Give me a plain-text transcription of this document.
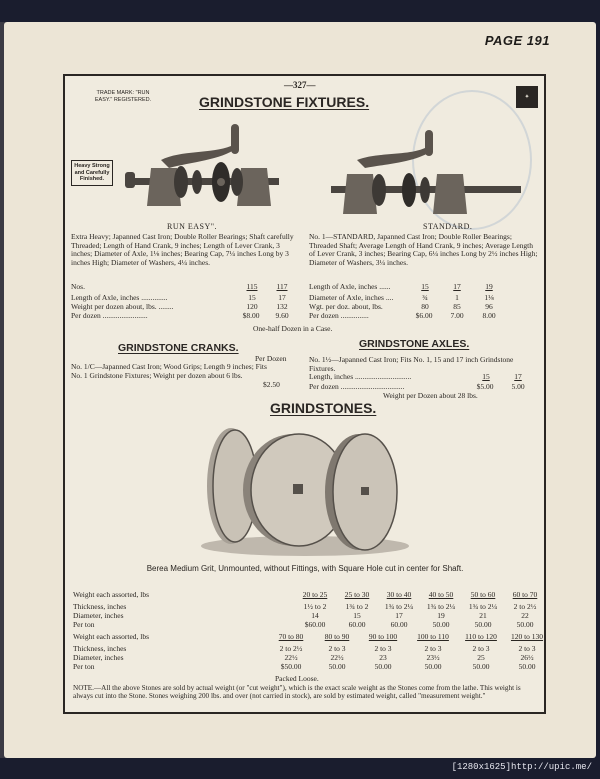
PAGE 191
✦
—327—
TRADE MARK: "RUN EASY." REGISTERED.	GRINDSTONE FIXTURES.
Heavy Strong and Carefully Finished.
RUN EASY".	STANDARD.
Extra Heavy; Japanned Cast Iron; Double Roller Bearings; Shaft carefully Threaded; Length of Hand Crank, 9 inches; Length of Lever Crank, 3 inches; Diameter of Axle, 1⅛ inches; Bearing Cap, 7¼ inches Long by 3 inches High; Diameter of Washers, 4¼ inches.
No. 1—STANDARD, Japanned Cast Iron; Double Roller Bearings; Threaded Shaft; Average Length of Hand Crank, 9 inches; Average Length of Lever Crank, 3 inches; Bearing Cap, 6¼ inches Long by 2½ inches High; Diameter of Washers, 3¼ inches.
Nos.	115	117
Length of Axle, inches ..............	15	17
Weight per dozen about, lbs. ........	120	132
Per dozen ........................	$8.00	9.60
Length of Axle, inches ......	15	17	19
Diameter of Axle, inches ....	¾	1	1⅛
Wgt. per doz. about, lbs.	80	85	96
Per dozen ...............	$6.00	7.00	8.00
One-half Dozen in a Case.
GRINDSTONE CRANKS.	GRINDSTONE AXLES.
Per Dozen
No. 1/C—Japanned Cast Iron; Wood Grips; Length 9 inches; Fits No. 1 Grindstone Fixtures; Weight per dozen about 6 lbs.
$2.50
No. 1½—Japanned Cast Iron; Fits No. 1, 15 and 17 inch Grindstone Fixtures.
Length, inches ..............................	15	17
Per dozen ..................................	$5.00	5.00
Weight per Dozen about 28 lbs.
GRINDSTONES.
Berea Medium Grit, Unmounted, without Fittings, with Square Hole cut in center for Shaft.
Weight each assorted, lbs	20 to 25	25 to 30	30 to 40	40 to 50	50 to 60	60 to 70
Thickness, inches	1½ to 2	1¾ to 2	1¾ to 2¼	1¾ to 2¼	1¾ to 2¼	2 to 2½
Diameter, inches	14	15	17	19	21	22
Per ton	$60.00	60.00	60.00	50.00	50.00	50.00
Weight each assorted, lbs	70 to 80	80 to 90	90 to 100	100 to 110	110 to 120	120 to 130
Thickness, inches	2 to 2½	2 to 3	2 to 3	2 to 3	2 to 3	2 to 3
Diameter, inches	22½	22½	23	23½	25	26½
Per ton	$50.00	50.00	50.00	50.00	50.00	50.00
Packed Loose.
NOTE.—All the above Stones are sold by actual weight (or "cut weight"), which is the exact scale weight as the Stones come from the lathe. This weight is always cut into the Stone. Stones weighing 200 lbs. and over (not carried in stock), are sold by estimated weight, called "measurement weight."
[1280x1625]http://upic.me/
